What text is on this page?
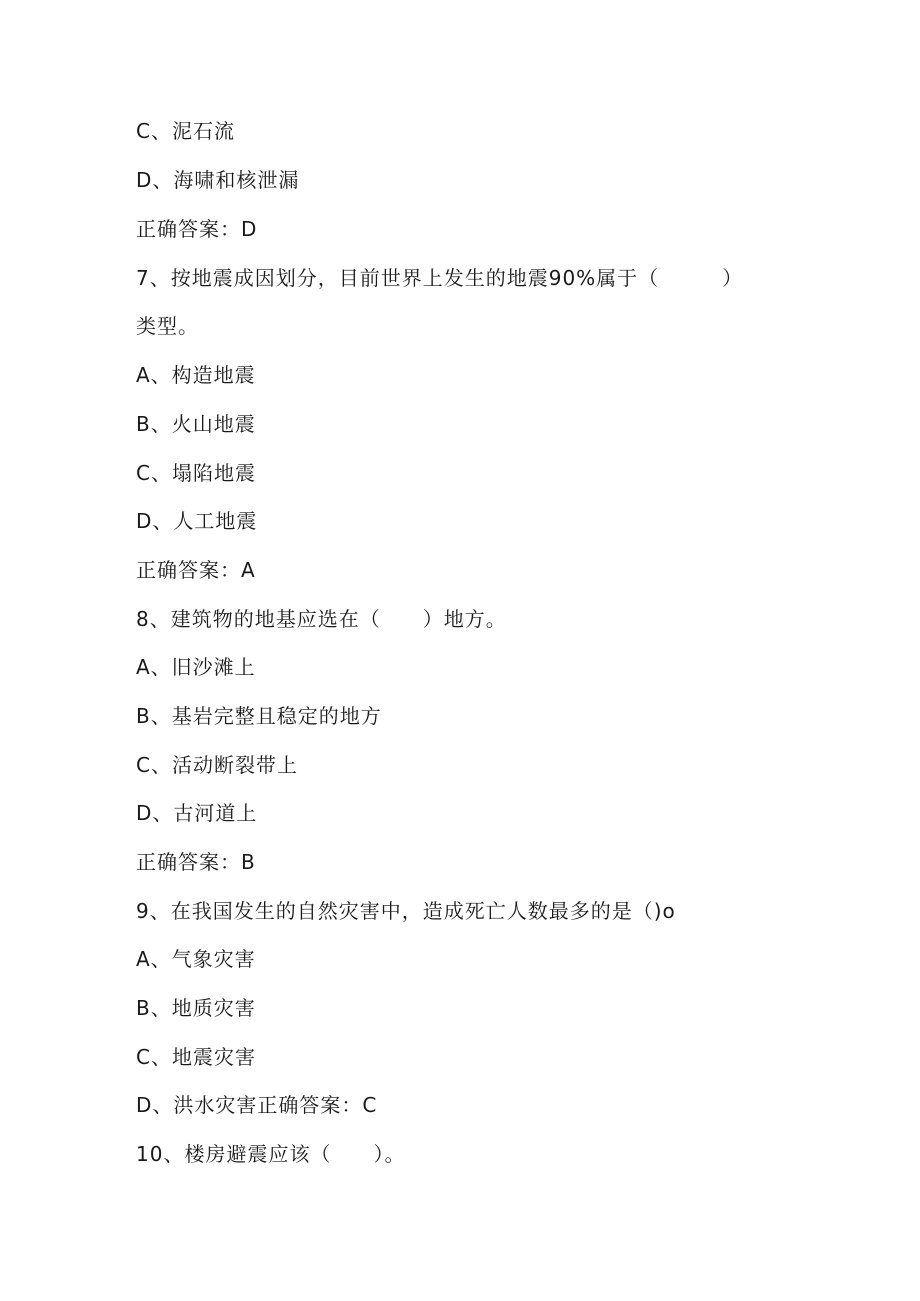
C、泥石流
D、海啸和核泄漏
正确答案：D
7、按地震成因划分，目前世界上发生的地震90%属于（　　　）
类型。
A、构造地震
B、火山地震
C、塌陷地震
D、人工地震
正确答案：A
8、建筑物的地基应选在（　　）地方。
A、旧沙滩上
B、基岩完整且稳定的地方
C、活动断裂带上
D、古河道上
正确答案：B
9、在我国发生的自然灾害中，造成死亡人数最多的是（)o
A、气象灾害
B、地质灾害
C、地震灾害
D、洪水灾害正确答案：C
10、楼房避震应该（　　）。
